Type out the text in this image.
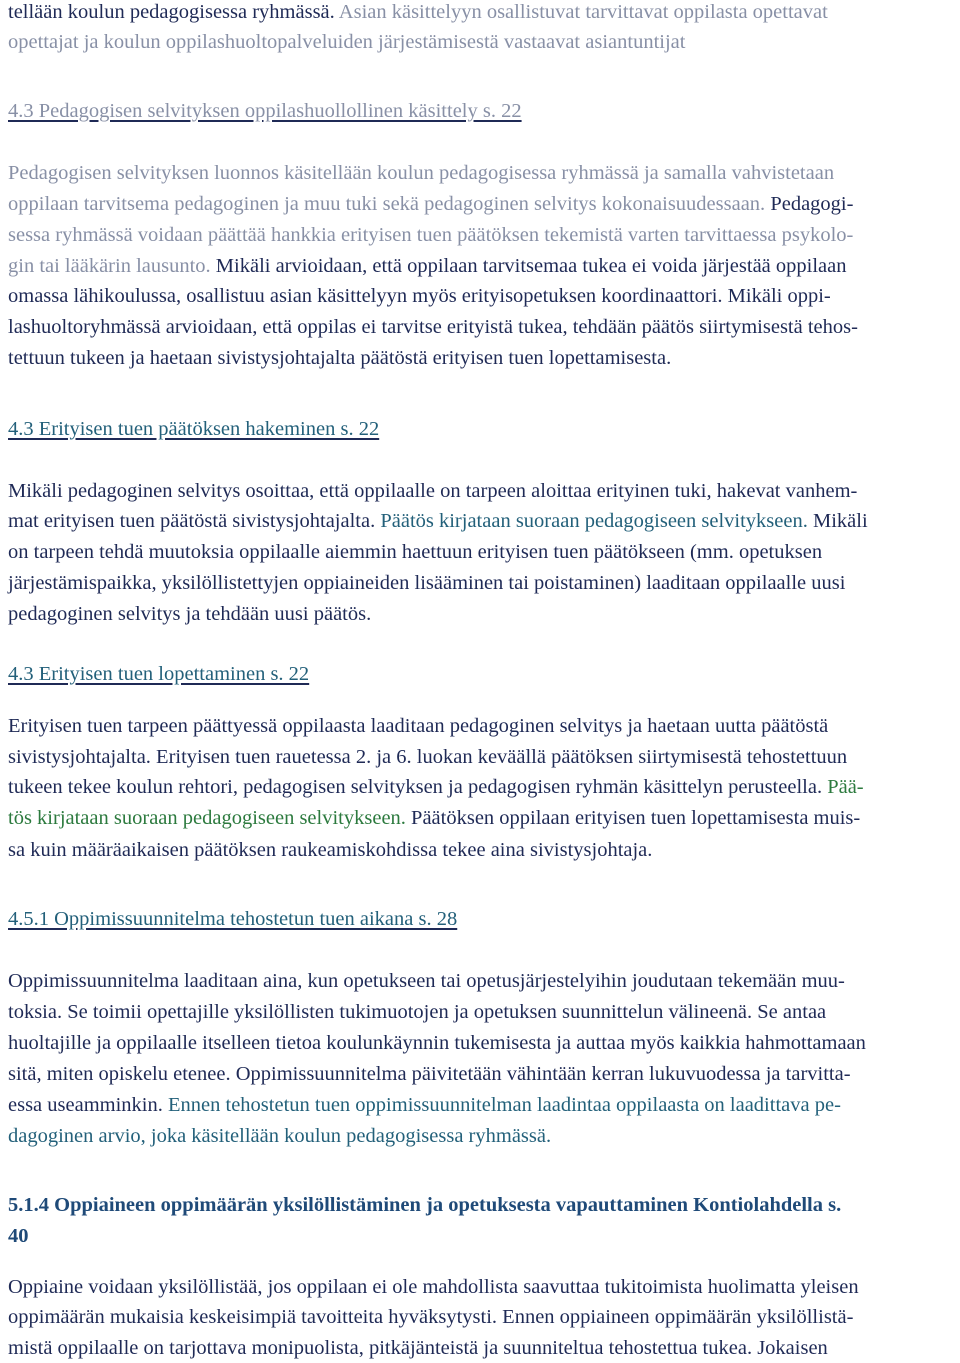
tellään koulun pedagogisessa ryhmässä. Asian käsittelyyn osallistuvat tarvittavat oppilasta opettavat
opettajat ja koulun oppilashuoltopalveluiden järjestämisestä vastaavat asiantuntijat
4.3 Pedagogisen selvityksen oppilashuollollinen käsittely s. 22
Pedagogisen selvityksen luonnos käsitellään koulun pedagogisessa ryhmässä ja samalla vahvistetaan
oppilaan tarvitsema pedagoginen ja muu tuki sekä pedagoginen selvitys kokonaisuudessaan. Pedagogi-
sessa ryhmässä voidaan päättää hankkia erityisen tuen päätöksen tekemistä varten tarvittaessa psykolo-
gin tai lääkärin lausunto. Mikäli arvioidaan, että oppilaan tarvitsemaa tukea ei voida järjestää oppilaan
omassa lähikoulussa, osallistuu asian käsittelyyn myös erityisopetuksen koordinaattori. Mikäli oppi-
lashuoltoryhmässä arvioidaan, että oppilas ei tarvitse erityistä tukea, tehdään päätös siirtymisestä tehos-
tettuun tukeen ja haetaan sivistysjohtajalta päätöstä erityisen tuen lopettamisesta.
4.3 Erityisen tuen päätöksen hakeminen s. 22
Mikäli pedagoginen selvitys osoittaa, että oppilaalle on tarpeen aloittaa erityinen tuki, hakevat vanhem-
mat erityisen tuen päätöstä sivistysjohtajalta. Päätös kirjataan suoraan pedagogiseen selvitykseen. Mikäli
on tarpeen tehdä muutoksia oppilaalle aiemmin haettuun erityisen tuen päätökseen (mm. opetuksen
järjestämispaikka, yksilöllistettyjen oppiaineiden lisääminen tai poistaminen) laaditaan oppilaalle uusi
pedagoginen selvitys ja tehdään uusi päätös.
4.3 Erityisen tuen lopettaminen s. 22
Erityisen tuen tarpeen päättyessä oppilaasta laaditaan pedagoginen selvitys ja haetaan uutta päätöstä
sivistysjohtajalta. Erityisen tuen rauetessa 2. ja 6. luokan keväällä päätöksen siirtymisestä tehostettuun
tukeen tekee koulun rehtori, pedagogisen selvityksen ja pedagogisen ryhmän käsittelyn perusteella. Pää-
tös kirjataan suoraan pedagogiseen selvitykseen. Päätöksen oppilaan erityisen tuen lopettamisesta muis-
sa kuin määräaikaisen päätöksen raukeamiskohdissa tekee aina sivistysjohtaja.
4.5.1 Oppimissuunnitelma tehostetun tuen aikana s. 28
Oppimissuunnitelma laaditaan aina, kun opetukseen tai opetusjärjestelyihin joudutaan tekemään muu-
toksia. Se toimii opettajille yksilöllisten tukimuotojen ja opetuksen suunnittelun välineenä. Se antaa
huoltajille ja oppilaalle itselleen tietoa koulunkäynnin tukemisesta ja auttaa myös kaikkia hahmottamaan
sitä, miten opiskelu etenee. Oppimissuunnitelma päivitetään vähintään kerran lukuvuodessa ja tarvitta-
essa useamminkin. Ennen tehostetun tuen oppimissuunnitelman laadintaa oppilaasta on laadittava pe-
dagoginen arvio, joka käsitellään koulun pedagogisessa ryhmässä.
5.1.4 Oppiaineen oppimäärän yksilöllistäminen ja opetuksesta vapauttaminen Kontiolahdella s.
40
Oppiaine voidaan yksilöllistää, jos oppilaan ei ole mahdollista saavuttaa tukitoimista huolimatta yleisen
oppimäärän mukaisia keskeisimpiä tavoitteita hyväksytysti. Ennen oppiaineen oppimäärän yksilöllistä-
mistä oppilaalle on tarjottava monipuolista, pitkäjänteistä ja suunniteltua tehostettua tukea. Jokaisen
